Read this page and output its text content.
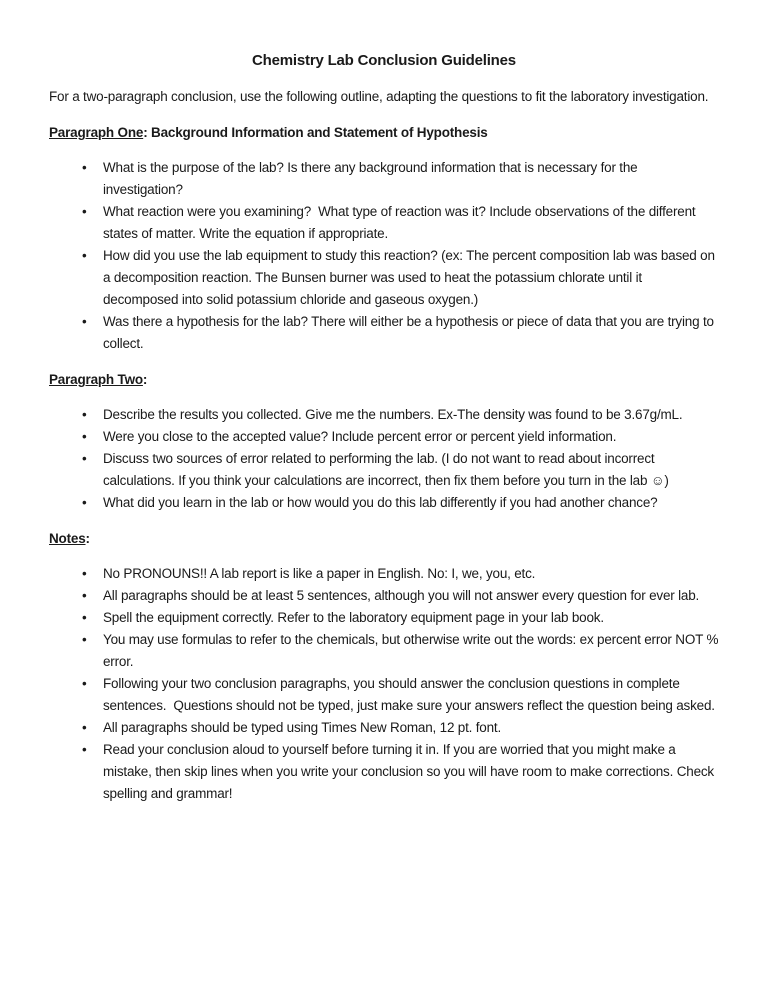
Chemistry Lab Conclusion Guidelines

For a two-paragraph conclusion, use the following outline, adapting the questions to fit the laboratory investigation.

Paragraph One: Background Information and Statement of Hypothesis
• What is the purpose of the lab? Is there any background information that is necessary for the investigation?
• What reaction were you examining?  What type of reaction was it? Include observations of the different states of matter. Write the equation if appropriate.
• How did you use the lab equipment to study this reaction? (ex: The percent composition lab was based on a decomposition reaction. The Bunsen burner was used to heat the potassium chlorate until it decomposed into solid potassium chloride and gaseous oxygen.)
• Was there a hypothesis for the lab? There will either be a hypothesis or piece of data that you are trying to collect.
Paragraph Two:
• Describe the results you collected. Give me the numbers. Ex-The density was found to be 3.67g/mL.
• Were you close to the accepted value? Include percent error or percent yield information.
• Discuss two sources of error related to performing the lab. (I do not want to read about incorrect calculations. If you think your calculations are incorrect, then fix them before you turn in the lab ☺)
• What did you learn in the lab or how would you do this lab differently if you had another chance?
Notes:
• No PRONOUNS!! A lab report is like a paper in English. No: I, we, you, etc.
• All paragraphs should be at least 5 sentences, although you will not answer every question for ever lab.
• Spell the equipment correctly. Refer to the laboratory equipment page in your lab book.
• You may use formulas to refer to the chemicals, but otherwise write out the words: ex percent error NOT % error.
• Following your two conclusion paragraphs, you should answer the conclusion questions in complete sentences.  Questions should not be typed, just make sure your answers reflect the question being asked.
• All paragraphs should be typed using Times New Roman, 12 pt. font.
• Read your conclusion aloud to yourself before turning it in. If you are worried that you might make a mistake, then skip lines when you write your conclusion so you will have room to make corrections. Check spelling and grammar!
